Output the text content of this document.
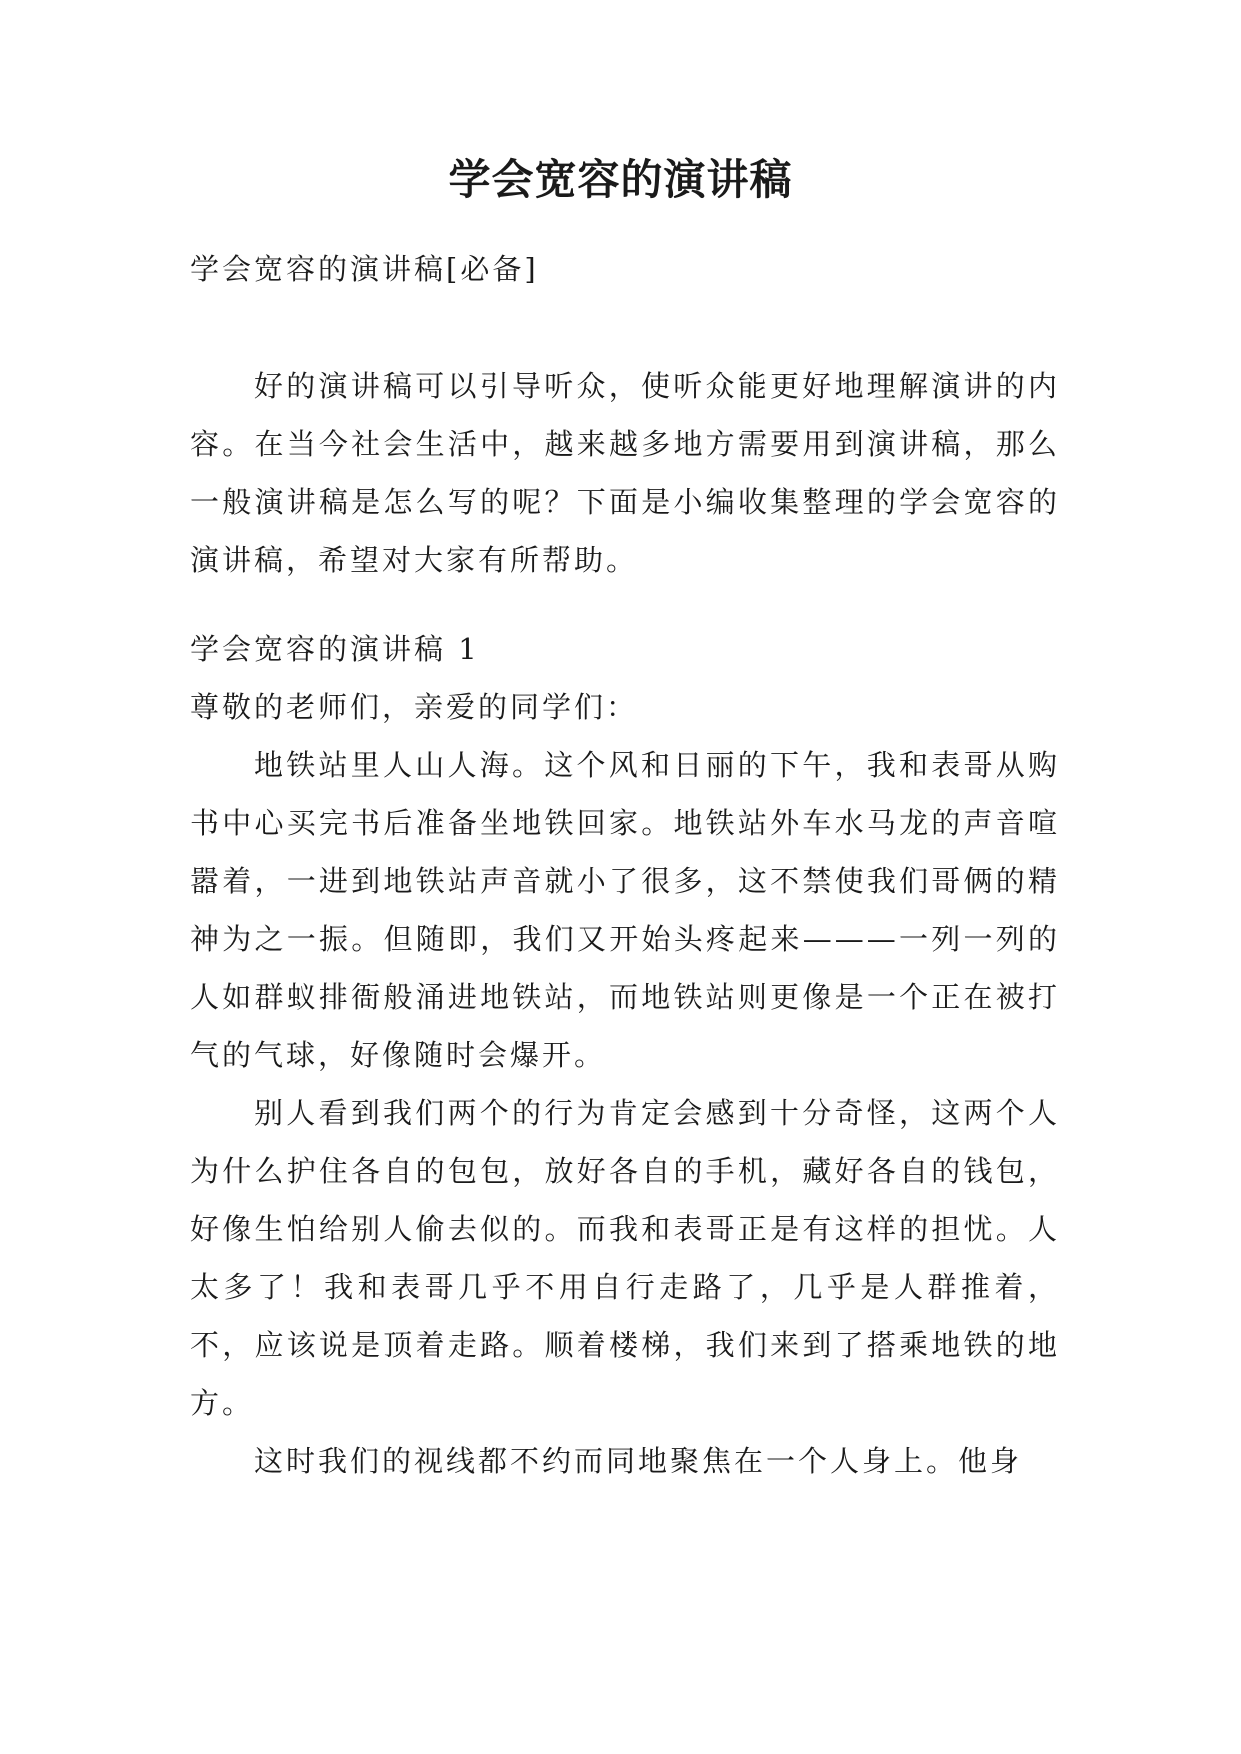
学会宽容的演讲稿

学会宽容的演讲稿[必备]

好的演讲稿可以引导听众，使听众能更好地理解演讲的内容。在当今社会生活中，越来越多地方需要用到演讲稿，那么一般演讲稿是怎么写的呢？下面是小编收集整理的学会宽容的演讲稿，希望对大家有所帮助。

学会宽容的演讲稿 1

尊敬的老师们，亲爱的同学们：

地铁站里人山人海。这个风和日丽的下午，我和表哥从购书中心买完书后准备坐地铁回家。地铁站外车水马龙的声音喧嚣着，一进到地铁站声音就小了很多，这不禁使我们哥俩的精神为之一振。但随即，我们又开始头疼起来———一列一列的人如群蚁排衙般涌进地铁站，而地铁站则更像是一个正在被打气的气球，好像随时会爆开。

别人看到我们两个的行为肯定会感到十分奇怪，这两个人为什么护住各自的包包，放好各自的手机，藏好各自的钱包，好像生怕给别人偷去似的。而我和表哥正是有这样的担忧。人太多了！我和表哥几乎不用自行走路了，几乎是人群推着，不，应该说是顶着走路。顺着楼梯，我们来到了搭乘地铁的地方。

这时我们的视线都不约而同地聚焦在一个人身上。他身
